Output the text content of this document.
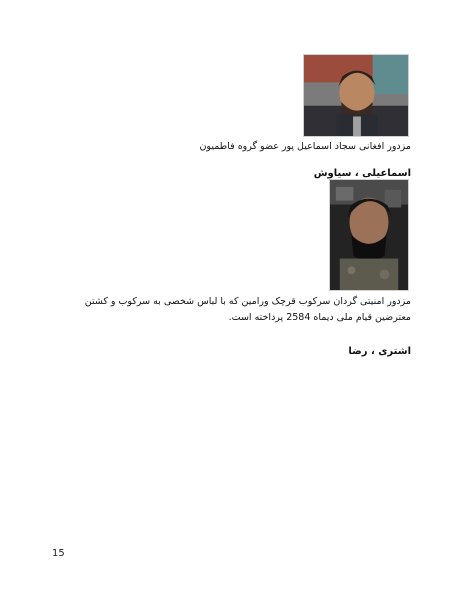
مزدور افغانی سجاد اسماعیل پور عضو گروه فاطمیون
اسماعیلی ، سیاوش
مزدور امنیتی گردان سرکوب قرچک ورامین که با لباس شخصی به سرکوب و کشتن معترضین قیام ملی دیماه 2584 پرداخته است.
اشتری ، رضا
15
